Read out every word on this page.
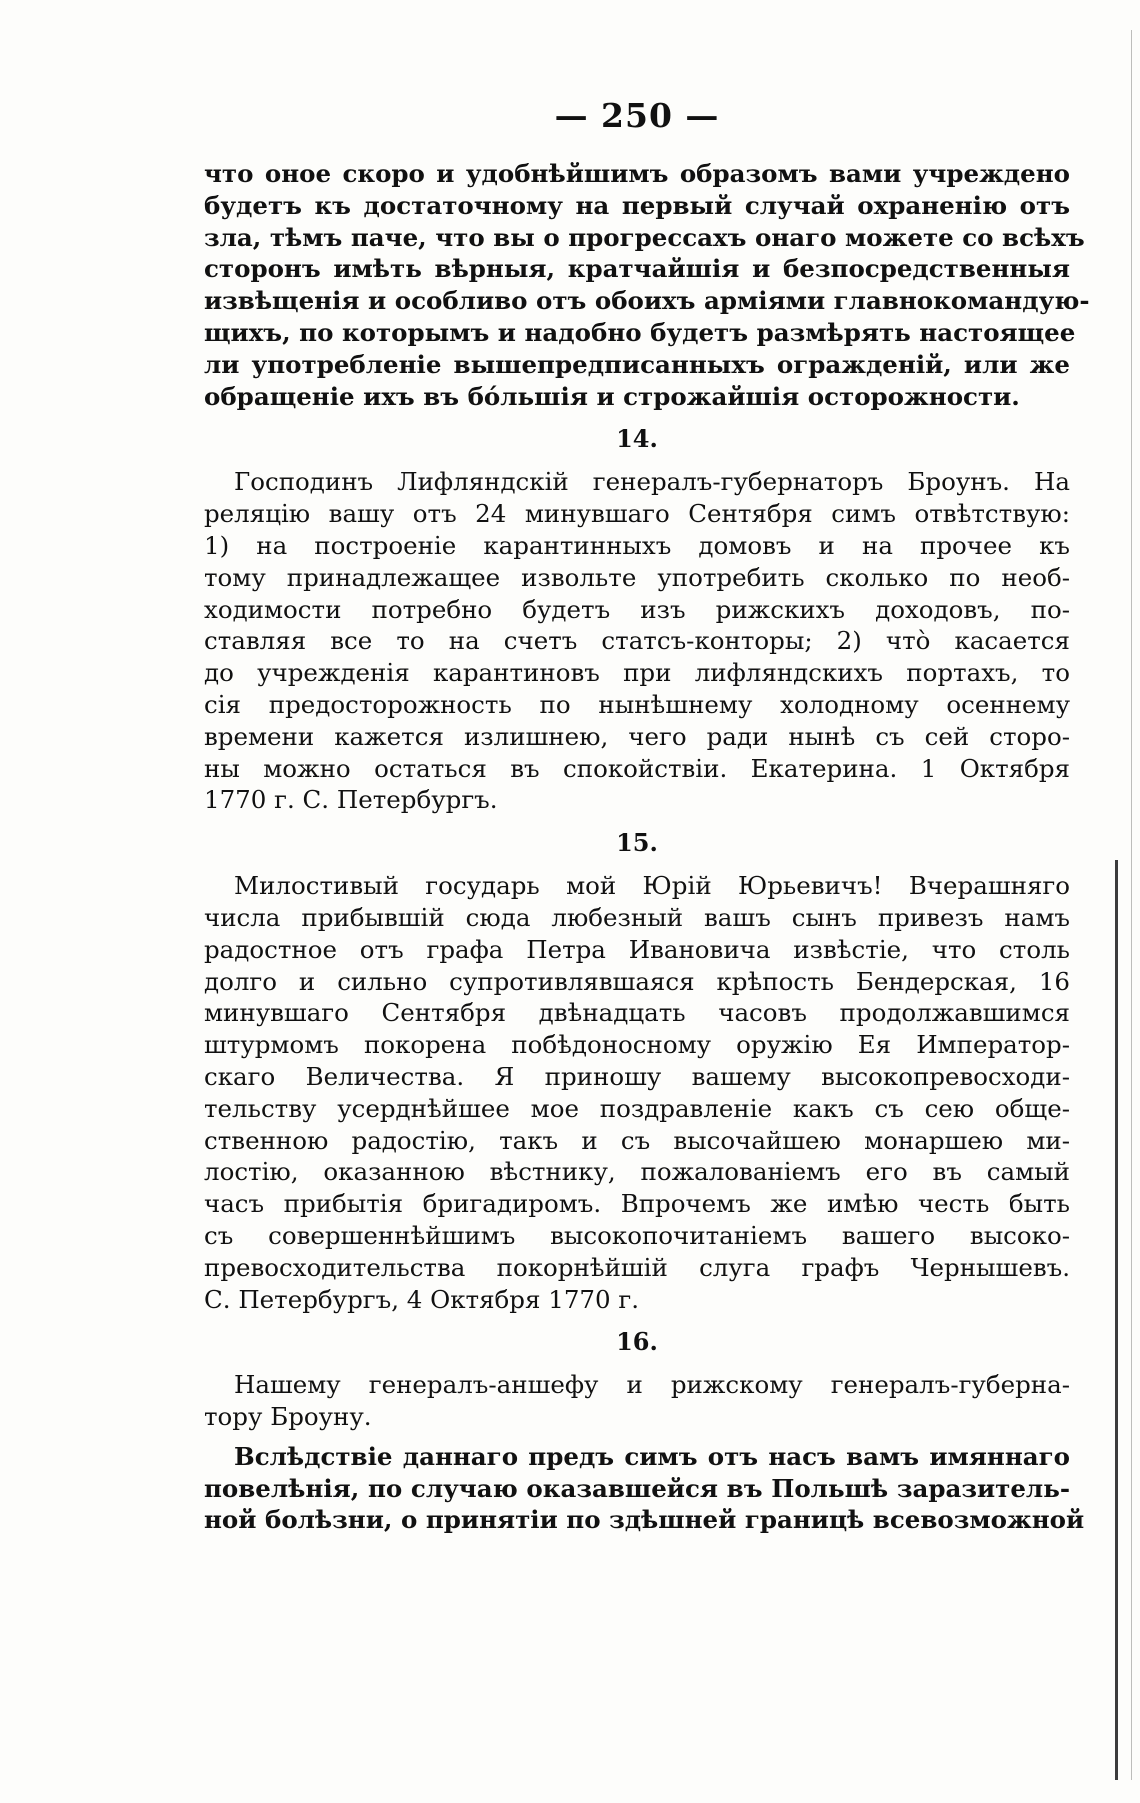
— 250 —
что оное скоро и удобнѣйшимъ образомъ вами учреждено
будетъ къ достаточному на первый случай охраненію отъ
зла, тѣмъ паче, что вы о прогрессахъ онаго можете со всѣхъ
сторонъ имѣть вѣрныя, кратчайшія и безпосредственныя
извѣщенія и особливо отъ обоихъ арміями главнокомандую-
щихъ, по которымъ и надобно будетъ размѣрять настоящее
ли употребленіе вышепредписанныхъ огражденій, или же
обращеніе ихъ въ бо́льшія и строжайшія осторожности.
14.
Господинъ Лифляндскій генералъ-губернаторъ Броунъ. На
реляцію вашу отъ 24 минувшаго Сентября симъ отвѣтствую:
1) на построеніе карантинныхъ домовъ и на прочее къ
тому принадлежащее извольте употребить сколько по необ-
ходимости потребно будетъ изъ рижскихъ доходовъ, по-
ставляя все то на счетъ статсъ-конторы; 2) что̀ касается
до учрежденія карантиновъ при лифляндскихъ портахъ, то
сія предосторожность по нынѣшнему холодному осеннему
времени кажется излишнею, чего ради нынѣ съ сей сторо-
ны можно остаться въ спокойствіи. Екатерина. 1 Октября
1770 г. С. Петербургъ.
15.
Милостивый государь мой Юрій Юрьевичъ! Вчерашняго
числа прибывшій сюда любезный вашъ сынъ привезъ намъ
радостное отъ графа Петра Ивановича извѣстіе, что столь
долго и сильно супротивлявшаяся крѣпость Бендерская, 16
минувшаго Сентября двѣнадцать часовъ продолжавшимся
штурмомъ покорена побѣдоносному оружію Ея Император-
скаго Величества. Я приношу вашему высокопревосходи-
тельству усерднѣйшее мое поздравленіе какъ съ сею обще-
ственною радостію, такъ и съ высочайшею монаршею ми-
лостію, оказанною вѣстнику, пожалованіемъ его въ самый
часъ прибытія бригадиромъ. Впрочемъ же имѣю честь быть
съ совершеннѣйшимъ высокопочитаніемъ вашего высоко-
превосходительства покорнѣйшій слуга графъ Чернышевъ.
С. Петербургъ, 4 Октября 1770 г.
16.
Нашему генералъ-аншефу и рижскому генералъ-губерна-
тору Броуну.
Вслѣдствіе даннаго предъ симъ отъ насъ вамъ имяннаго
повелѣнія, по случаю оказавшейся въ Польшѣ заразитель-
ной болѣзни, о принятіи по здѣшней границѣ всевозможной
